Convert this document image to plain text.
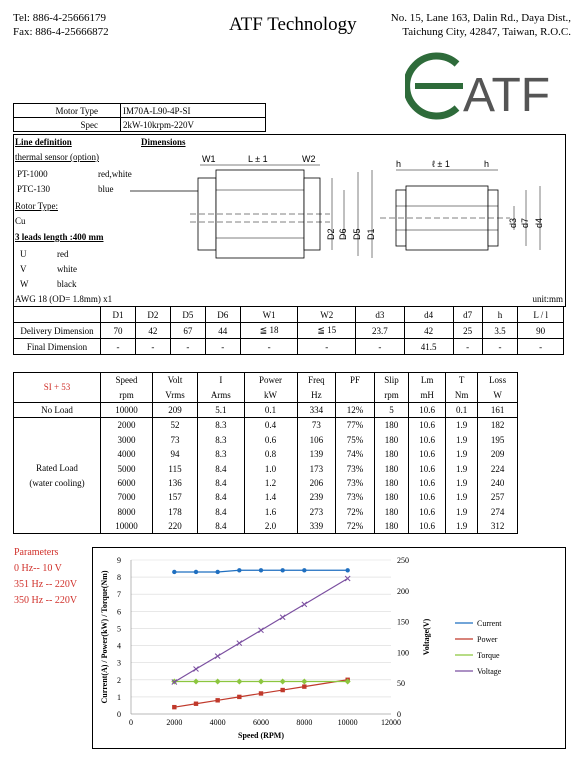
Tel: 886-4-25666179
Fax: 886-4-25666872	ATF Technology	No. 15, Lane 163, Dalin Rd., Daya Dist.,
Taichung City, 42847, Taiwan, R.O.C.
ATF
Motor Type	IM70A-L90-4P-SI
Spec	2kW-10krpm-220V
Line definition	Dimensions
thermal sensor (option)
PT-1000	red,white
PTC-130	blue
Rotor Type:
Cu
3 leads length :400 mm
U	red
V	white
W	black
AWG 18 (OD= 1.8mm) x1	unit:mm
W1	L ± 1	W2
D2 D6 D5 D1
h	ℓ ± 1	h
d3 d7 d4
	D1	D2	D5	D6	W1	W2	d3	d4	d7	h	L / l
Delivery Dimension	70	42	67	44	≦ 18	≦ 15	23.7	42	25	3.5	90
Final Dimension	-	-	-	-	-	-	-	41.5	-	-	-
SI + 53	Speed	Volt	I	Power	Freq	PF	Slip	Lm	T	Loss
	rpm	Vrms	Arms	kW	Hz		rpm	mH	Nm	W
No Load	10000	209	5.1	0.1	334	12%	5	10.6	0.1	161

Rated Load
(water cooling)	2000	52	8.3	0.4	73	77%	180	10.6	1.9	182
	3000	73	8.3	0.6	106	75%	180	10.6	1.9	195
	4000	94	8.3	0.8	139	74%	180	10.6	1.9	209
	5000	115	8.4	1.0	173	73%	180	10.6	1.9	224
	6000	136	8.4	1.2	206	73%	180	10.6	1.9	240
	7000	157	8.4	1.4	239	73%	180	10.6	1.9	257
	8000	178	8.4	1.6	273	72%	180	10.6	1.9	274
	10000	220	8.4	2.0	339	72%	180	10.6	1.9	312
Parameters
0 Hz-- 10 V
351 Hz -- 220V
350 Hz -- 220V
0
1
2
3
4
5
6
7
8
9
0	2000	4000	6000	8000	10000	12000
0
50
100
150
200
250
Speed (RPM)
Current(A) / Power(kW) / Torque(Nm)	Voltage(V)	Current
Power
Torque
Voltage
